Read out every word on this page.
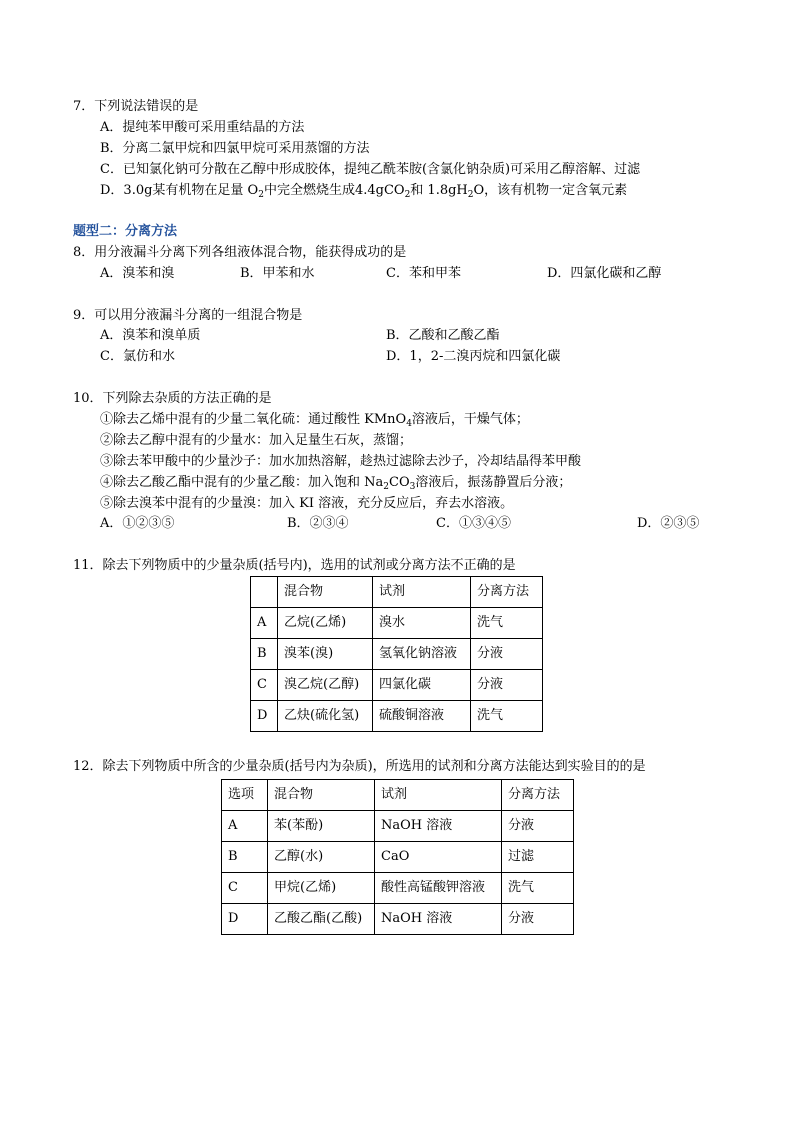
7．下列说法错误的是
A．提纯苯甲酸可采用重结晶的方法
B．分离二氯甲烷和四氯甲烷可采用蒸馏的方法
C．已知氯化钠可分散在乙醇中形成胶体，提纯乙酰苯胺(含氯化钠杂质)可采用乙醇溶解、过滤
D．3.0g某有机物在足量 $O_2$中完全燃烧生成4.4gCO$_2$和 $1.8gH_2O$，该有机物一定含氧元素
题型二：分离方法
8．用分液漏斗分离下列各组液体混合物，能获得成功的是
A．溴苯和溴	B．甲苯和水	C．苯和甲苯	D．四氯化碳和乙醇
9．可以用分液漏斗分离的一组混合物是
A．溴苯和溴单质	B．乙酸和乙酸乙酯
C．氯仿和水	D．1，2-二溴丙烷和四氯化碳
10．下列除去杂质的方法正确的是
①除去乙烯中混有的少量二氧化硫：通过酸性 KMnO$_4$溶液后，干燥气体；
②除去乙醇中混有的少量水：加入足量生石灰，蒸馏；
③除去苯甲酸中的少量沙子：加水加热溶解，趁热过滤除去沙子，冷却结晶得苯甲酸
④除去乙酸乙酯中混有的少量乙酸：加入饱和 $Na_2CO_3$溶液后，振荡静置后分液；
⑤除去溴苯中混有的少量溴：加入 KI 溶液，充分反应后，弃去水溶液。
A．①②③⑤	B．②③④	C．①③④⑤	D．②③⑤
11．除去下列物质中的少量杂质(括号内)，选用的试剂或分离方法不正确的是
	混合物	试剂	分离方法
A	乙烷(乙烯)	溴水	洗气
B	溴苯(溴)	氢氧化钠溶液	分液
C	溴乙烷(乙醇)	四氯化碳	分液
D	乙炔(硫化氢)	硫酸铜溶液	洗气
12．除去下列物质中所含的少量杂质(括号内为杂质)，所选用的试剂和分离方法能达到实验目的的是
选项	混合物	试剂	分离方法
A	苯(苯酚)	NaOH 溶液	分液
B	乙醇(水)	CaO	过滤
C	甲烷(乙烯)	酸性高锰酸钾溶液	洗气
D	乙酸乙酯(乙酸)	NaOH 溶液	分液
